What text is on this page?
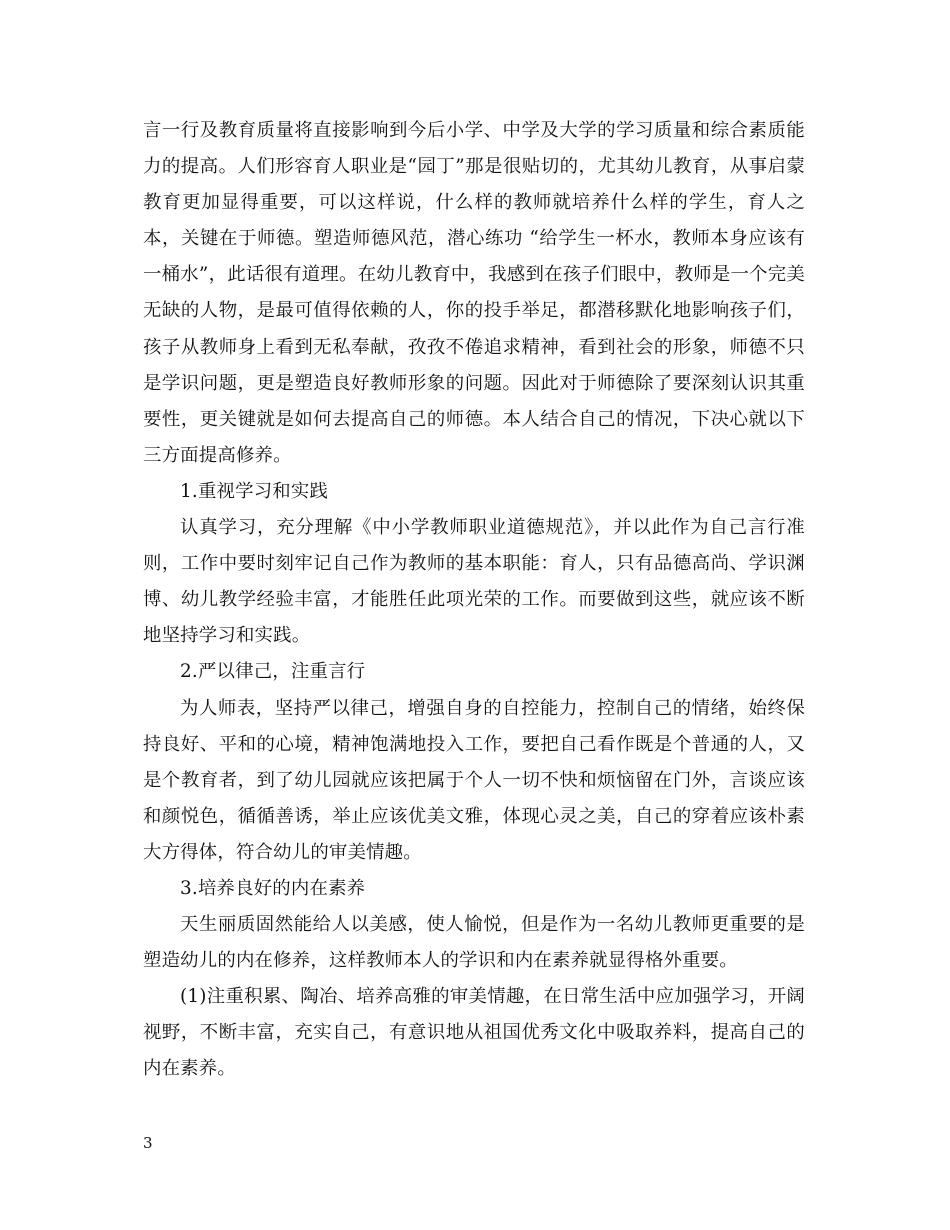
言一行及教育质量将直接影响到今后小学、中学及大学的学习质量和综合素质能力的提高。人们形容育人职业是“园丁”那是很贴切的，尤其幼儿教育，从事启蒙教育更加显得重要，可以这样说，什么样的教师就培养什么样的学生，育人之本，关键在于师德。塑造师德风范，潜心练功 “给学生一杯水，教师本身应该有一桶水”，此话很有道理。在幼儿教育中，我感到在孩子们眼中，教师是一个完美无缺的人物，是最可值得依赖的人，你的投手举足，都潜移默化地影响孩子们，孩子从教师身上看到无私奉献，孜孜不倦追求精神，看到社会的形象，师德不只是学识问题，更是塑造良好教师形象的问题。因此对于师德除了要深刻认识其重要性，更关键就是如何去提高自己的师德。本人结合自己的情况，下决心就以下三方面提高修养。

1.重视学习和实践

认真学习，充分理解《中小学教师职业道德规范》，并以此作为自己言行准则，工作中要时刻牢记自己作为教师的基本职能：育人，只有品德高尚、学识渊博、幼儿教学经验丰富，才能胜任此项光荣的工作。而要做到这些，就应该不断地坚持学习和实践。

2.严以律己，注重言行

为人师表，坚持严以律己，增强自身的自控能力，控制自己的情绪，始终保持良好、平和的心境，精神饱满地投入工作，要把自己看作既是个普通的人，又是个教育者，到了幼儿园就应该把属于个人一切不快和烦恼留在门外，言谈应该和颜悦色，循循善诱，举止应该优美文雅，体现心灵之美，自己的穿着应该朴素大方得体，符合幼儿的审美情趣。

3.培养良好的内在素养

天生丽质固然能给人以美感，使人愉悦，但是作为一名幼儿教师更重要的是塑造幼儿的内在修养，这样教师本人的学识和内在素养就显得格外重要。

(1)注重积累、陶冶、培养高雅的审美情趣，在日常生活中应加强学习，开阔视野，不断丰富，充实自己，有意识地从祖国优秀文化中吸取养料，提高自己的内在素养。

3
